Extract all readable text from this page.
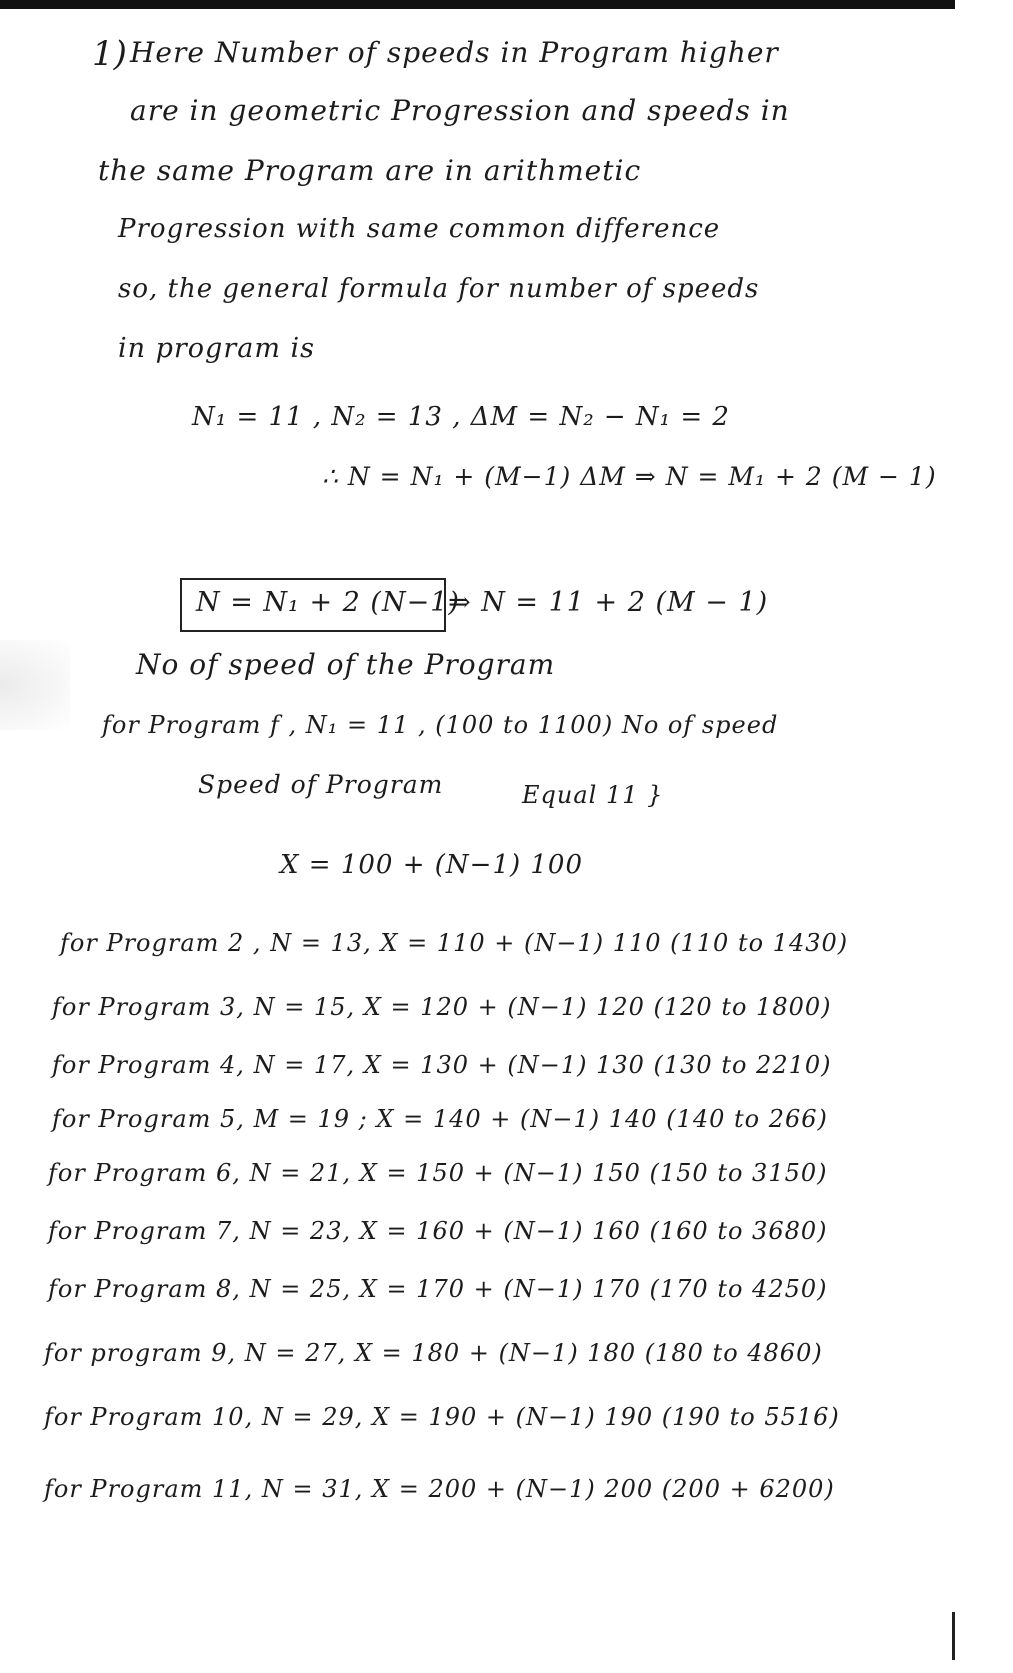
1) Here Number of speeds in Program higher
are in geometric Progression and speeds in
the same Program are in arithmetic
Progression with same common difference
so, the general formula for number of speeds
in program is
N₁ = 11 , N₂ = 13 , ΔM = N₂ − N₁ = 2
∴ N = N₁ + (M−1) ΔM ⇒ N = M₁ + 2 (M − 1)
N = N₁ + 2 (N−1)
⇒ N = 11 + 2 (M − 1)
No of speed of the Program
for Program f , N₁ = 11 , (100 to 1100) No of speed
Speed of Program	Equal 11 }
X = 100 + (N−1) 100
for Program 2 , N = 13, X = 110 + (N−1) 110 (110 to 1430)
for Program 3, N = 15, X = 120 + (N−1) 120 (120 to 1800)
for Program 4, N = 17, X = 130 + (N−1) 130 (130 to 2210)
for Program 5, M = 19 ; X = 140 + (N−1) 140 (140 to 266)
for Program 6, N = 21, X = 150 + (N−1) 150 (150 to 3150)
for Program 7, N = 23, X = 160 + (N−1) 160 (160 to 3680)
for Program 8, N = 25, X = 170 + (N−1) 170 (170 to 4250)
for program 9, N = 27, X = 180 + (N−1) 180 (180 to 4860)
for Program 10, N = 29, X = 190 + (N−1) 190 (190 to 5516)
for Program 11, N = 31, X = 200 + (N−1) 200 (200 + 6200)
